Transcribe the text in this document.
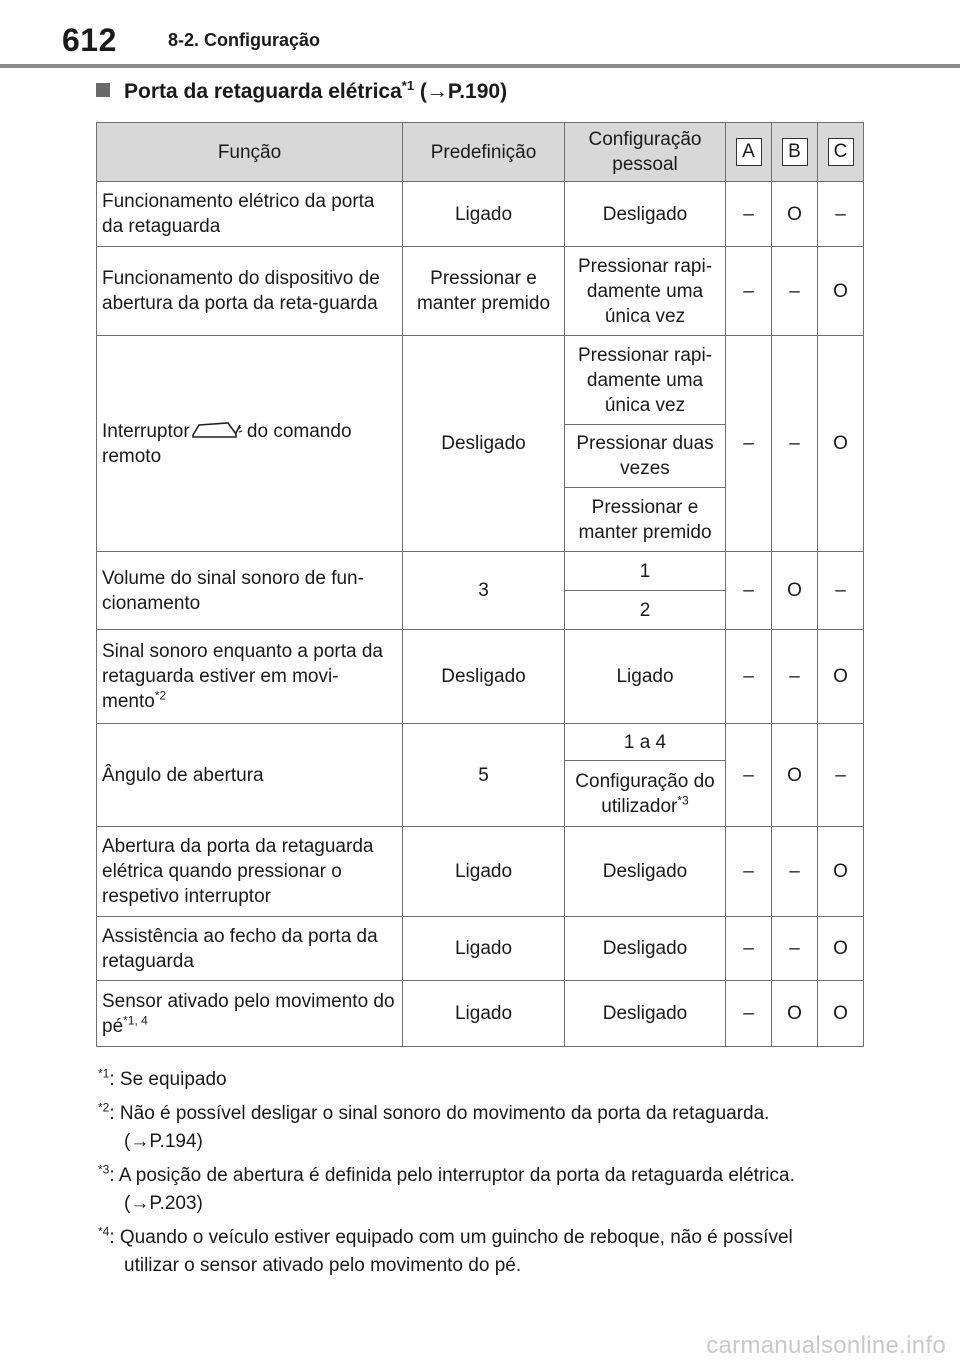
612	8-2. Configuração
Porta da retaguarda elétrica$^{*1}$ (→P.190)
Função	Predefinição	Configuração pessoal	A	B	C
Funcionamento elétrico da porta da retaguarda	Ligado	Desligado	–	O	–
Funcionamento do dispositivo de abertura da porta da reta-guarda	Pressionar e manter premido	Pressionar rapi-damente uma única vez	–	–	O
Interruptor do comando remoto	Desligado	Pressionar rapi-damente uma única vez	–	–	O
		Pressionar duas vezes			
		Pressionar e manter premido			
Volume do sinal sonoro de fun-cionamento	3	1	–	O	–
		2			
Sinal sonoro enquanto a porta da retaguarda estiver em movi-mento$^{*2}$	Desligado	Ligado	–	–	O
Ângulo de abertura	5	1 a 4	–	O	–
		Configuração do utilizador$^{*3}$
Abertura da porta da retaguarda elétrica quando pressionar o respetivo interruptor	Ligado	Desligado	–	–	O
Assistência ao fecho da porta da retaguarda	Ligado	Desligado	–	–	O
Sensor ativado pelo movimento do pé$^{*1, 4}$	Ligado	Desligado	–	O	O
$^{*1}$: Se equipado
$^{*2}$: Não é possível desligar o sinal sonoro do movimento da porta da retaguarda.
(→P.194)
$^{*3}$: A posição de abertura é definida pelo interruptor da porta da retaguarda elétrica.
(→P.203)
$^{*4}$: Quando o veículo estiver equipado com um guincho de reboque, não é possível
utilizar o sensor ativado pelo movimento do pé.
carmanualsonline.info
